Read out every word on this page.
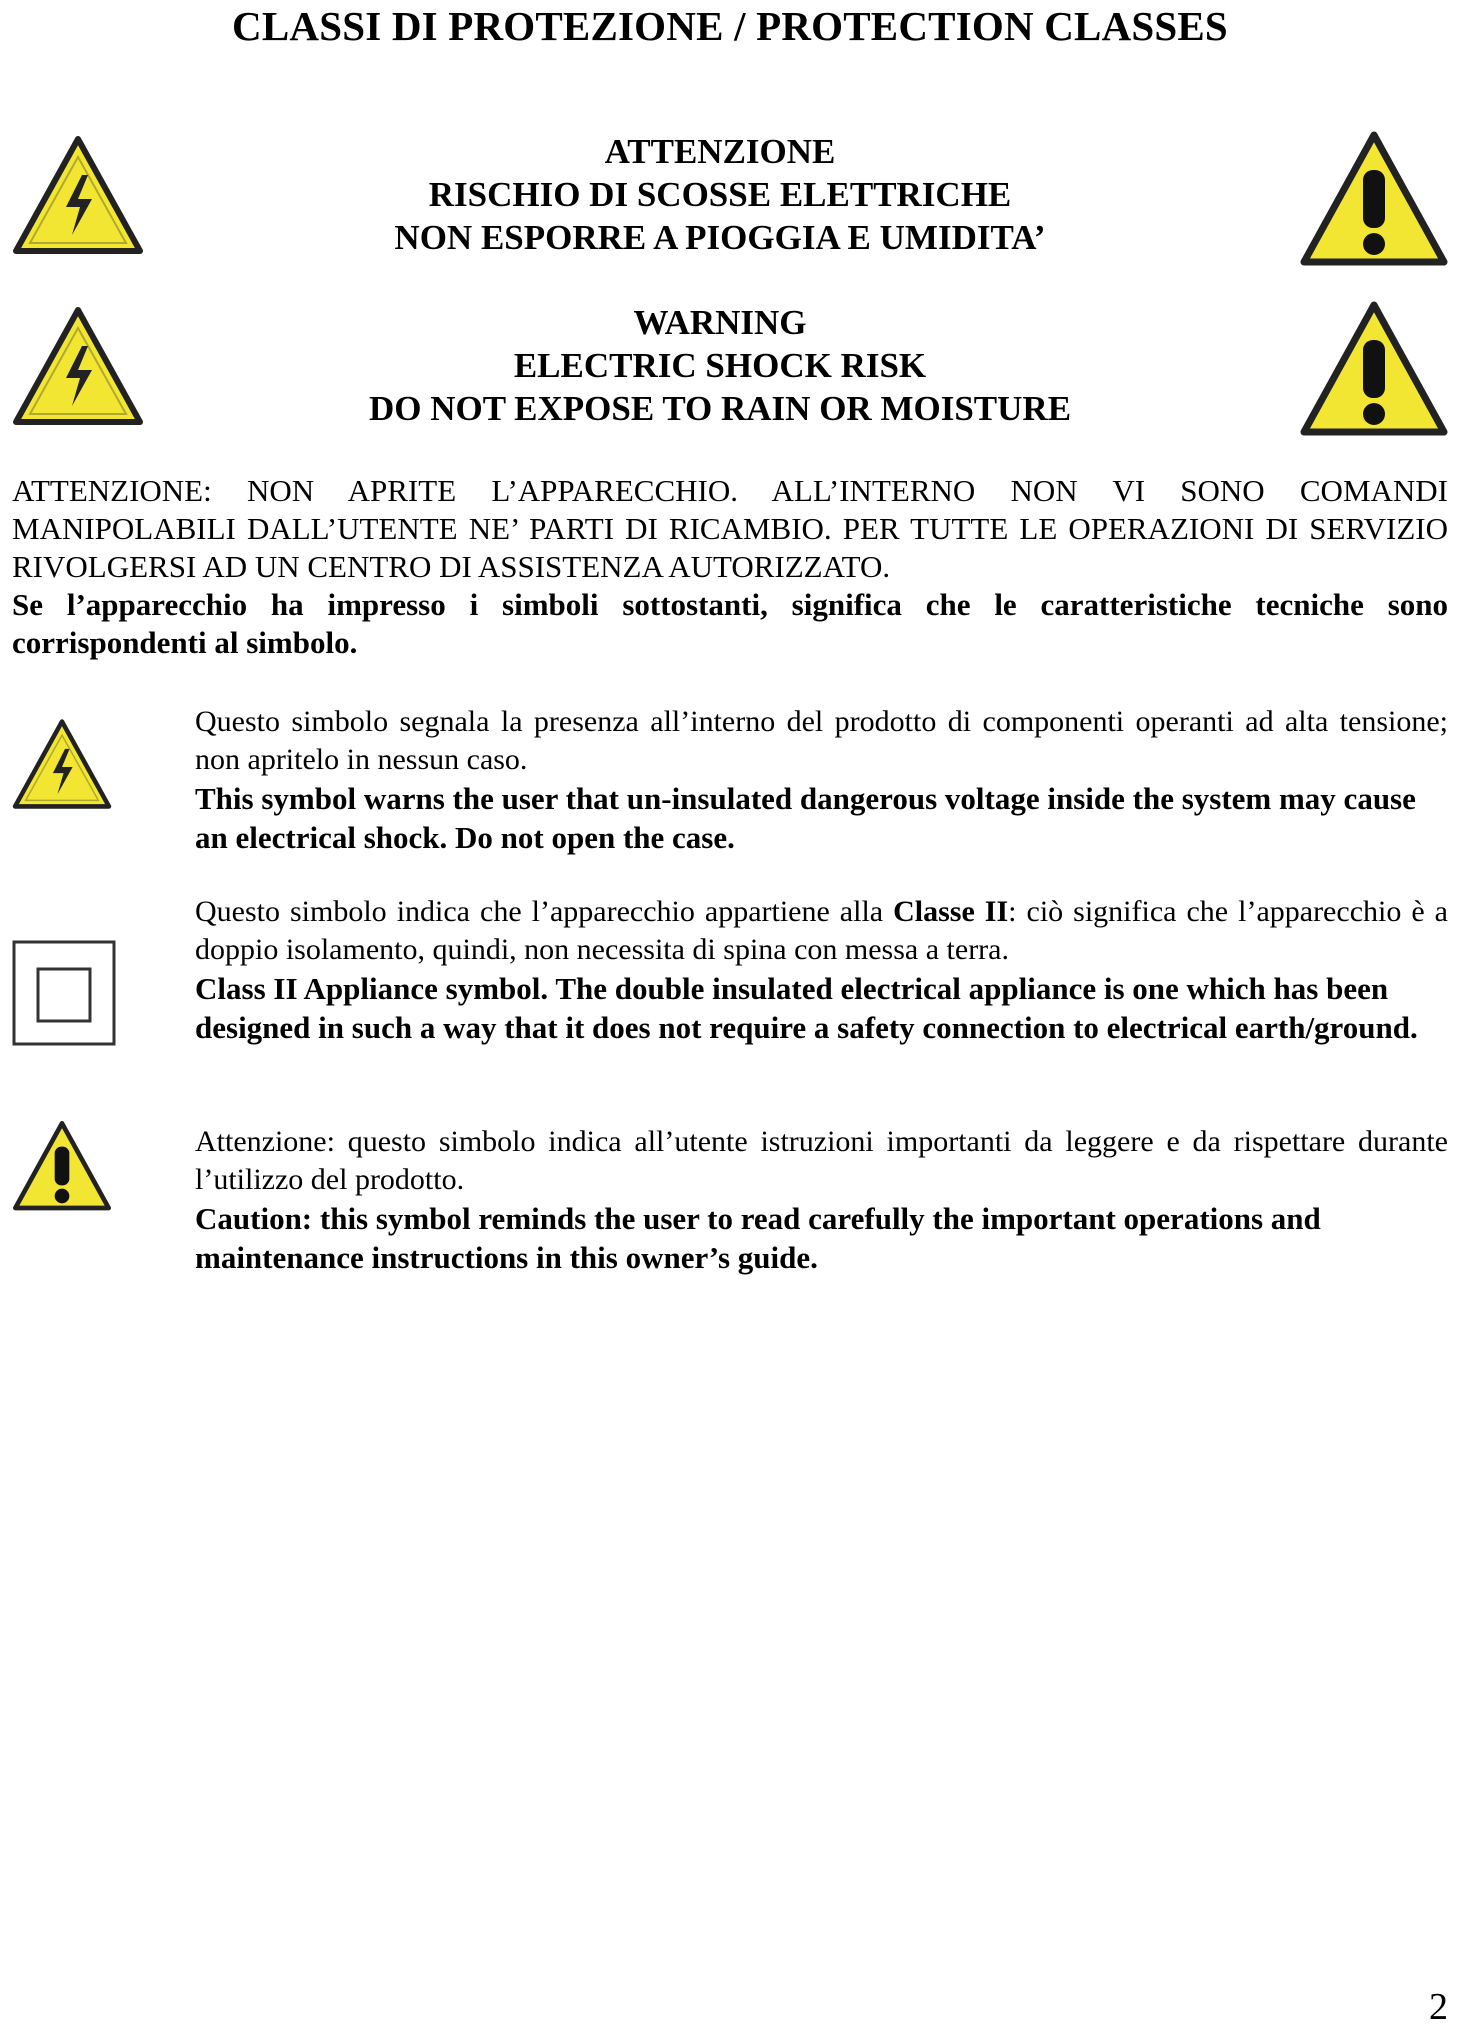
CLASSI DI PROTEZIONE / PROTECTION CLASSES
ATTENZIONE
RISCHIO DI SCOSSE ELETTRICHE
NON ESPORRE A PIOGGIA E UMIDITA’
WARNING
ELECTRIC SHOCK RISK
DO NOT EXPOSE TO RAIN OR MOISTURE
ATTENZIONE: NON APRITE L’APPARECCHIO. ALL’INTERNO NON VI SONO COMANDI MANIPOLABILI DALL’UTENTE NE’ PARTI DI RICAMBIO. PER TUTTE LE OPERAZIONI DI SERVIZIO RIVOLGERSI AD UN CENTRO DI ASSISTENZA AUTORIZZATO.
Se l’apparecchio ha impresso i simboli sottostanti, significa che le caratteristiche tecniche sono corrispondenti al simbolo.
Questo simbolo segnala la presenza all’interno del prodotto di componenti operanti ad alta tensione; non apritelo in nessun caso.
This symbol warns the user that un-insulated dangerous voltage inside the system may cause an electrical shock. Do not open the case.
Questo simbolo indica che l’apparecchio appartiene alla Classe II: ciò significa che l’apparecchio è a doppio isolamento, quindi, non necessita di spina con messa a terra.
Class II Appliance symbol. The double insulated electrical appliance is one which has been designed in such a way that it does not require a safety connection to electrical earth/ground.
Attenzione: questo simbolo indica all’utente istruzioni importanti da leggere e da rispettare durante l’utilizzo del prodotto.
Caution: this symbol reminds the user to read carefully the important operations and maintenance instructions in this owner’s guide.
2
